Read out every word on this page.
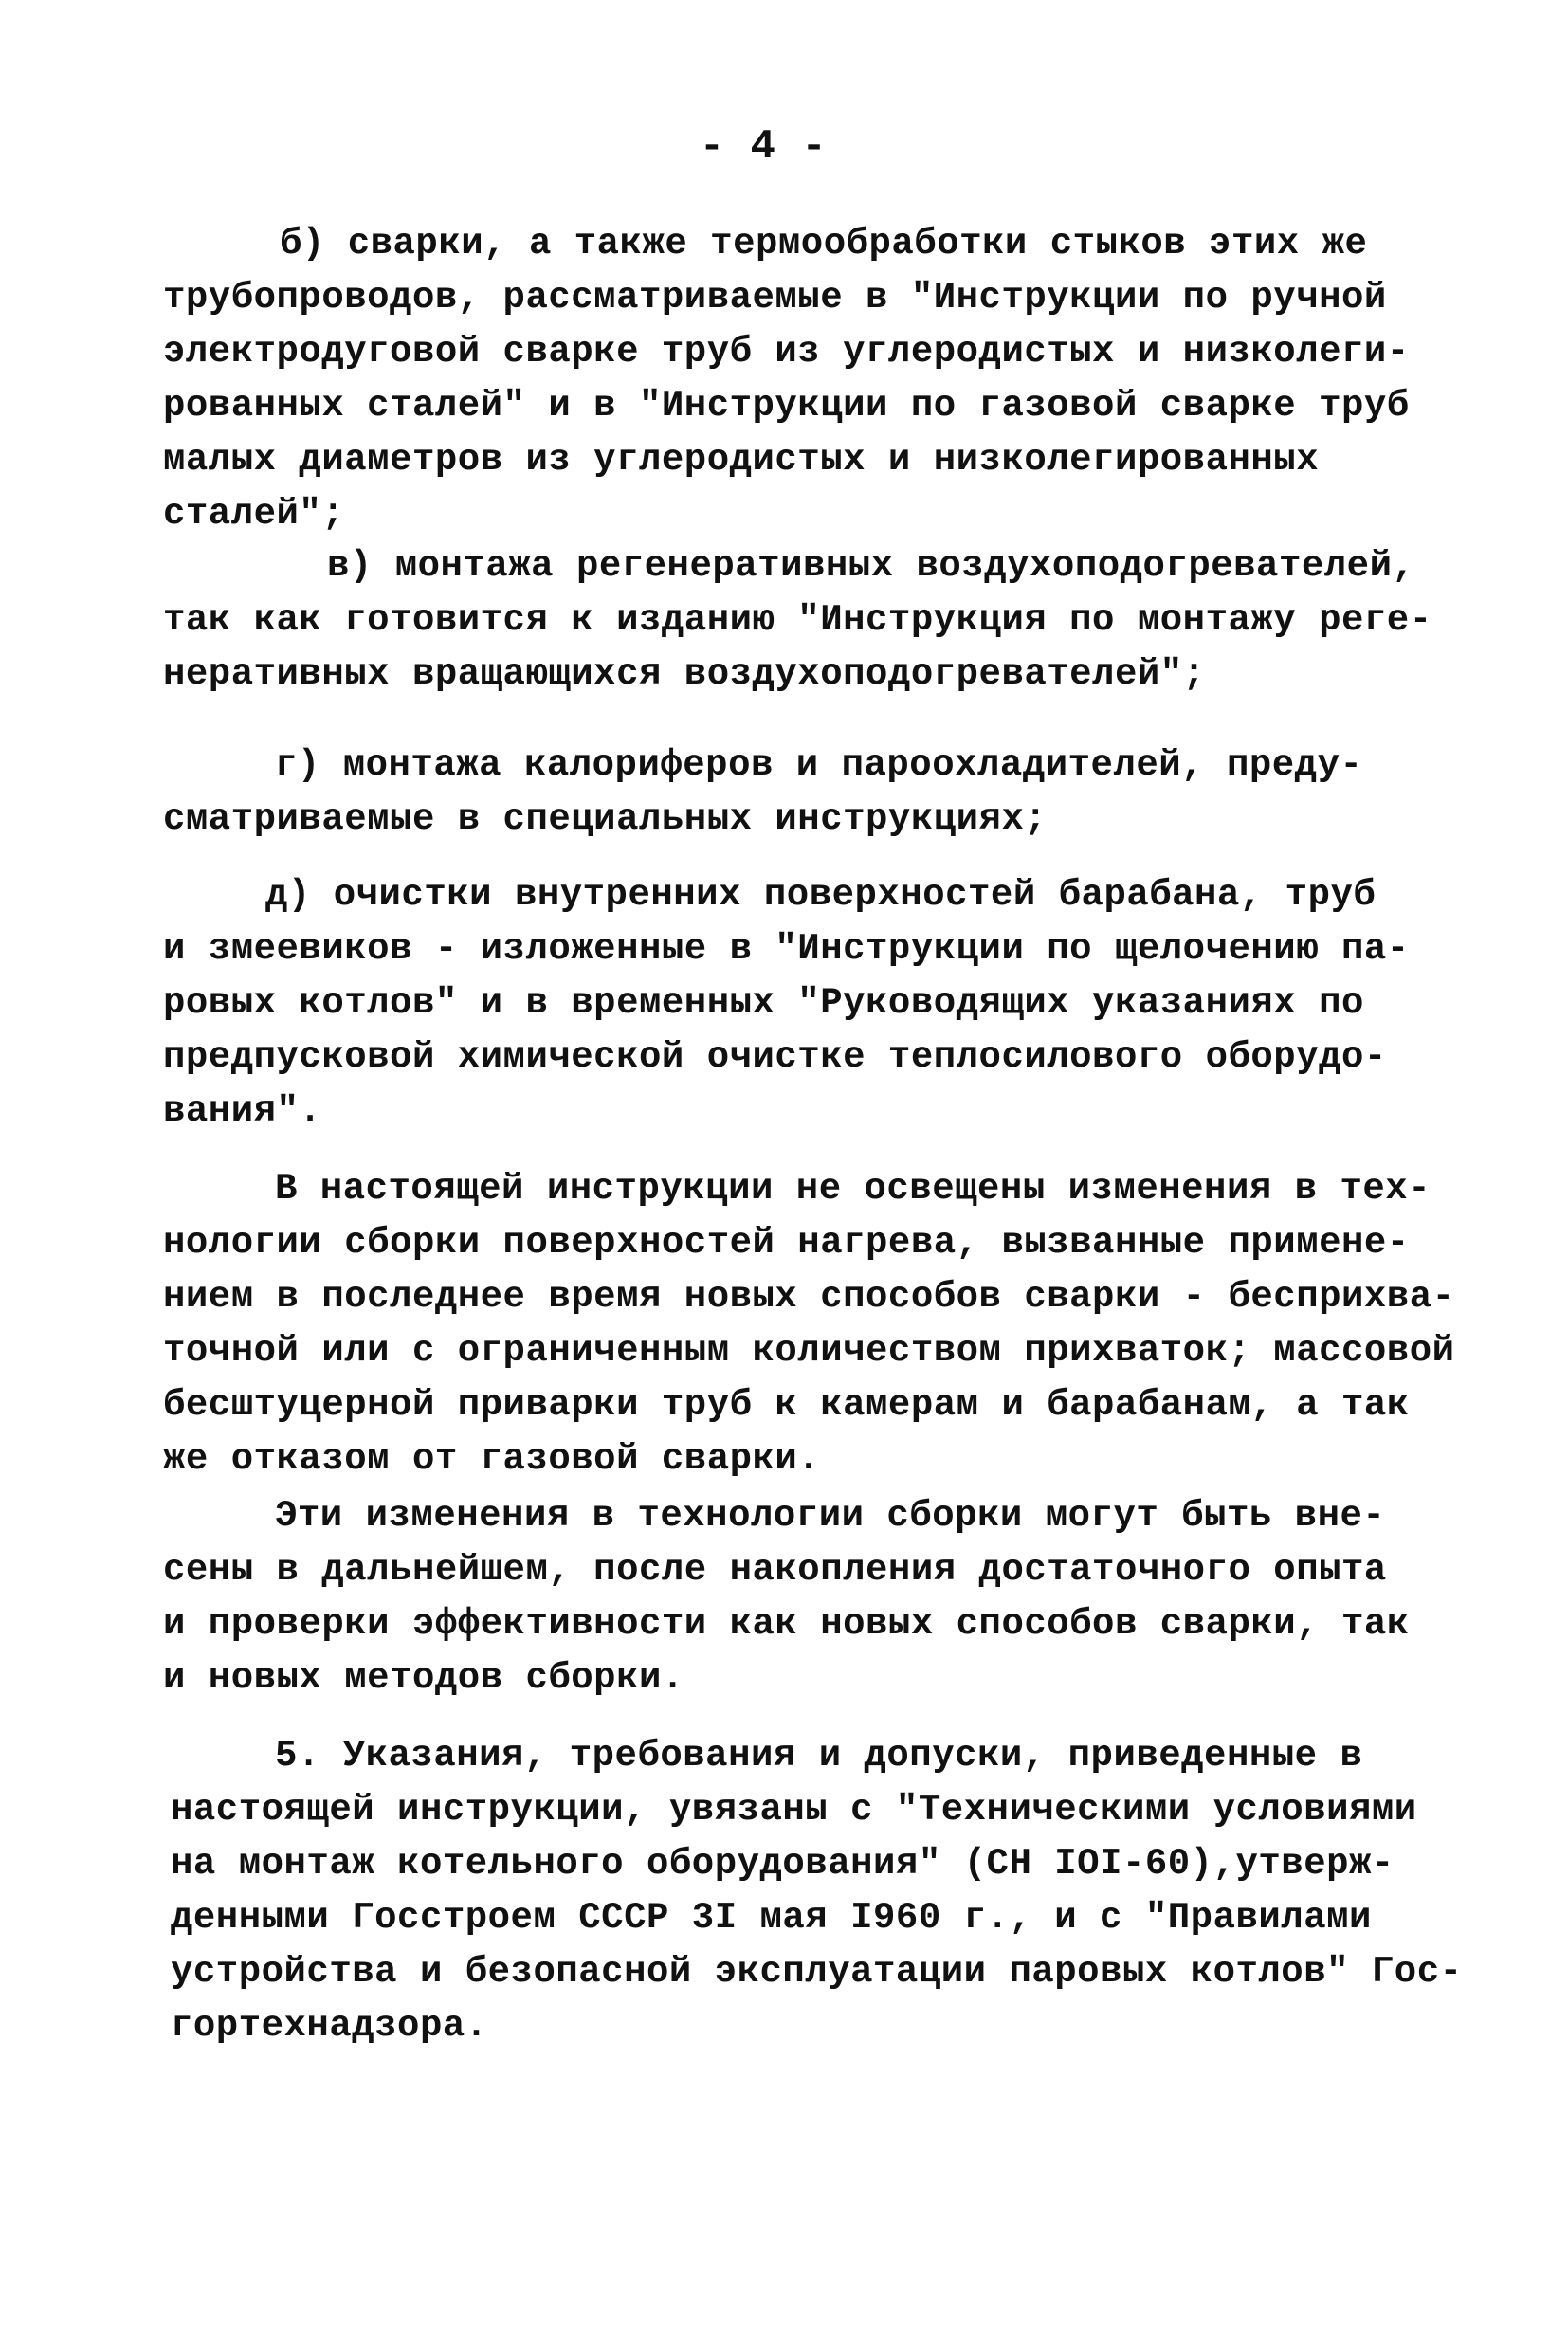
- 4 -
б) сварки, а также термообработки стыков этих же
трубопроводов, рассматриваемые в "Инструкции по ручной
электродуговой сварке труб из углеродистых и низколеги-
рованных сталей" и в "Инструкции по газовой сварке труб
малых диаметров из углеродистых и низколегированных
сталей";
в) монтажа регенеративных воздухоподогревателей,
так как готовится к изданию "Инструкция по монтажу реге-
неративных вращающихся воздухоподогревателей";
г) монтажа калориферов и пароохладителей, преду-
сматриваемые в специальных инструкциях;
д) очистки внутренних поверхностей барабана, труб
и змеевиков - изложенные в "Инструкции по щелочению па-
ровых котлов" и в временных "Руководящих указаниях по
предпусковой химической очистке теплосилового оборудо-
вания".
В настоящей инструкции не освещены изменения в тех-
нологии сборки поверхностей нагрева, вызванные примене-
нием в последнее время новых способов сварки - бесприхва-
точной или с ограниченным количеством прихваток; массовой
бесштуцерной приварки труб к камерам и барабанам, а так
же отказом от газовой сварки.
Эти изменения в технологии сборки могут быть вне-
сены в дальнейшем, после накопления достаточного опыта
и проверки эффективности как новых способов сварки, так
и новых методов сборки.
5. Указания, требования и допуски, приведенные в
настоящей инструкции, увязаны с "Техническими условиями
на монтаж котельного оборудования" (СН IOI-60),утверж-
денными Госстроем СССР 3I мая I960 г., и с "Правилами
устройства и безопасной эксплуатации паровых котлов" Гос-
гортехнадзора.
